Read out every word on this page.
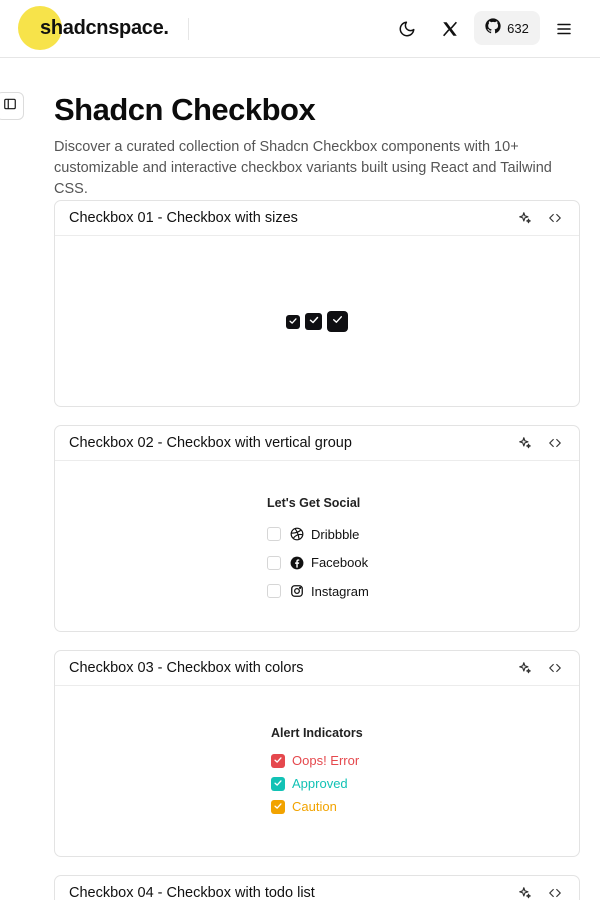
shadcnspace.	632
Shadcn Checkbox

Discover a curated collection of Shadcn Checkbox components with 10+ customizable and interactive checkbox variants built using React and Tailwind CSS.

Checkbox 01 - Checkbox with sizes
Checkbox 02 - Checkbox with vertical group
Let's Get Social
Dribbble
Facebook
Instagram
Checkbox 03 - Checkbox with colors
Alert Indicators
Oops! Error
Approved
Caution
Checkbox 04 - Checkbox with todo list
